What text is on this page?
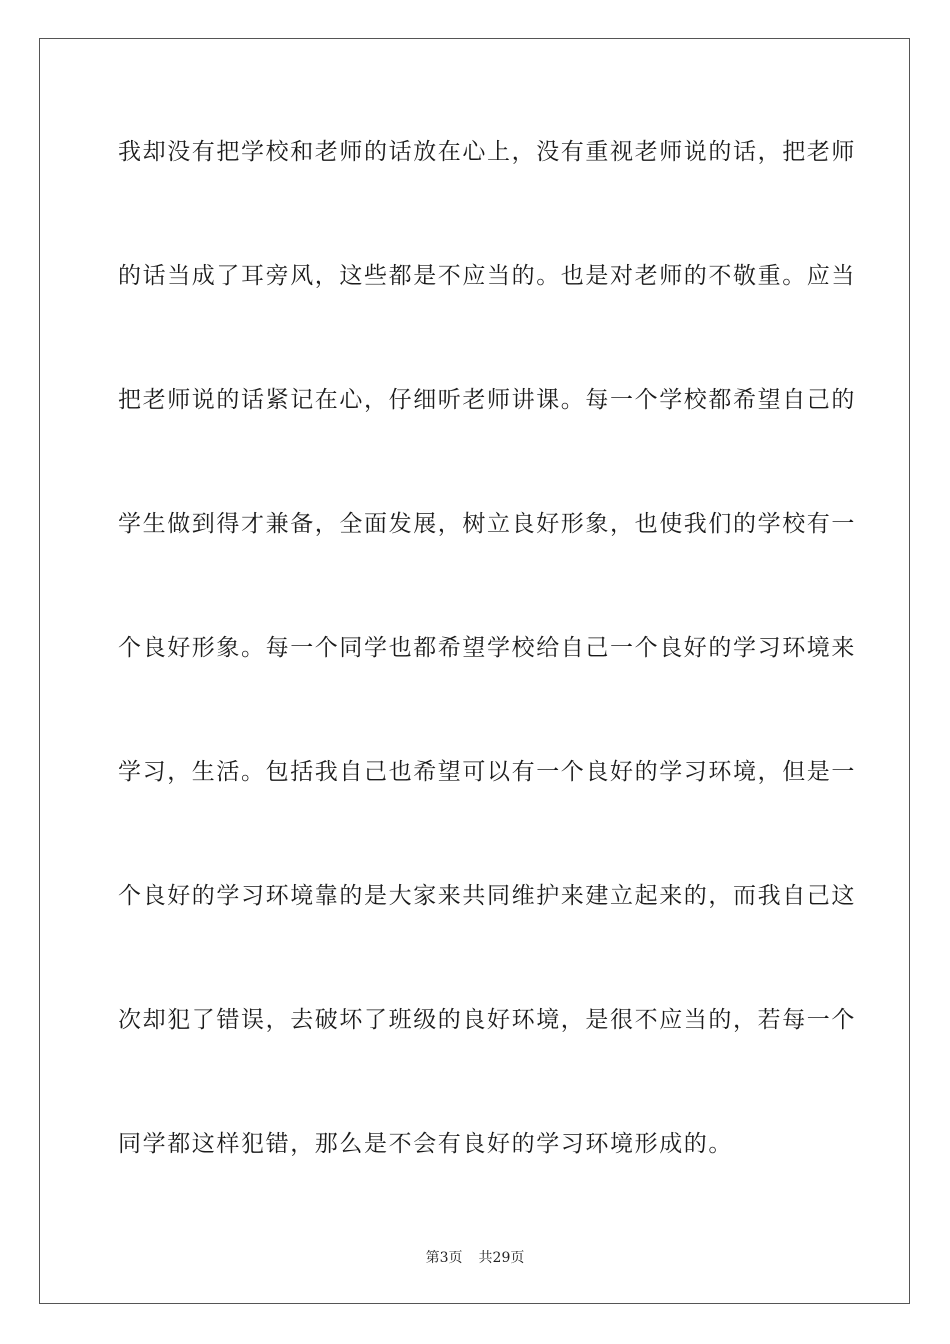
我却没有把学校和老师的话放在心上，没有重视老师说的话，把老师

的话当成了耳旁风，这些都是不应当的。也是对老师的不敬重。应当

把老师说的话紧记在心，仔细听老师讲课。每一个学校都希望自己的

学生做到得才兼备，全面发展，树立良好形象，也使我们的学校有一

个良好形象。每一个同学也都希望学校给自己一个良好的学习环境来

学习，生活。包括我自己也希望可以有一个良好的学习环境，但是一

个良好的学习环境靠的是大家来共同维护来建立起来的，而我自己这

次却犯了错误，去破坏了班级的良好环境，是很不应当的，若每一个

同学都这样犯错，那么是不会有良好的学习环境形成的。

第3页 共29页
